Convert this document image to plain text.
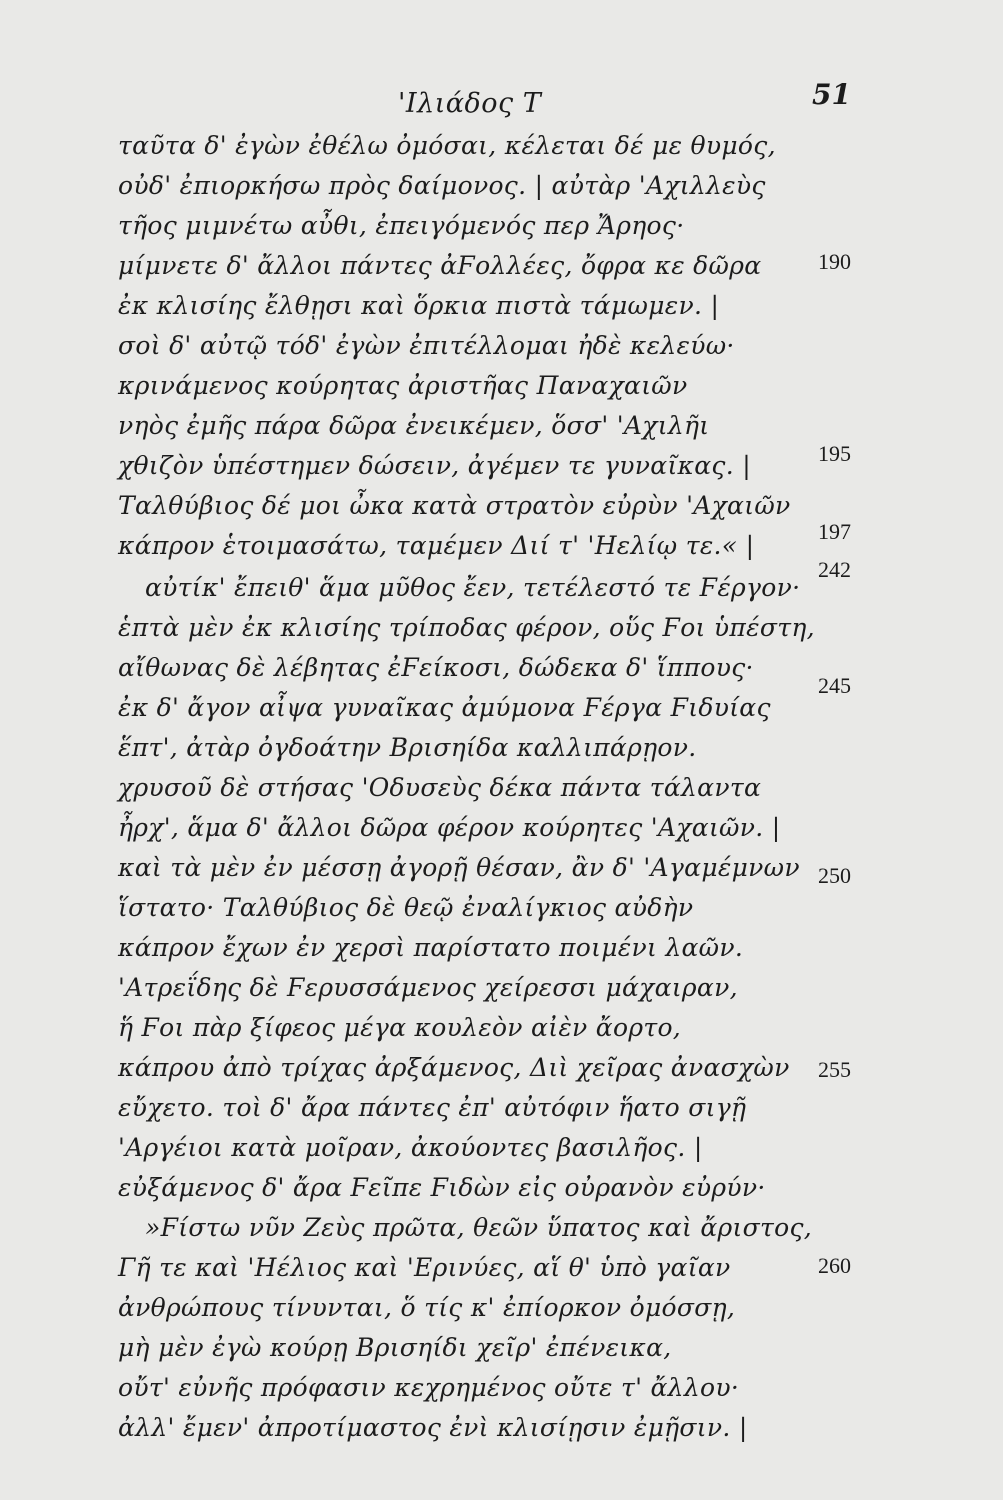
'Ιλιάδος Τ	51
ταῦτα δ' ἐγὼν ἐθέλω ὀμόσαι, κέλεται δέ με θυμός,
οὐδ' ἐπιορκήσω πρὸς δαίμονος. | αὐτὰρ 'Αχιλλεὺς
τῆος μιμνέτω αὖθι, ἐπειγόμενός περ Ἄρηος·
μίμνετε δ' ἄλλοι πάντες ἀϜολλέες, ὄφρα κε δῶρα
ἐκ κλισίης ἔλθῃσι καὶ ὅρκια πιστὰ τάμωμεν. |
σοὶ δ' αὐτῷ τόδ' ἐγὼν ἐπιτέλλομαι ἠδὲ κελεύω·
κρινάμενος κούρητας ἀριστῆας Παναχαιῶν
νηὸς ἐμῆς πάρα δῶρα ἐνεικέμεν, ὅσσ' 'Αχιλῆι
χθιζὸν ὑπέστημεν δώσειν, ἀγέμεν τε γυναῖκας. |
Ταλθύβιος δέ μοι ὦκα κατὰ στρατὸν εὐρὺν 'Αχαιῶν
κάπρον ἑτοιμασάτω, ταμέμεν Διί τ' 'Ηελίῳ τε.« |
αὐτίκ' ἔπειθ' ἅμα μῦθος ἔεν, τετέλεστό τε Ϝέργον·
ἑπτὰ μὲν ἐκ κλισίης τρίποδας φέρον, οὕς Ϝοι ὑπέστη,
αἴθωνας δὲ λέβητας ἐϜείκοσι, δώδεκα δ' ἵππους·
ἐκ δ' ἄγον αἶψα γυναῖκας ἀμύμονα Ϝέργα Ϝιδυίας
ἕπτ', ἀτὰρ ὀγδοάτην Βρισηίδα καλλιπάρῃον.
χρυσοῦ δὲ στήσας 'Οδυσεὺς δέκα πάντα τάλαντα
ἦρχ', ἅμα δ' ἄλλοι δῶρα φέρον κούρητες 'Αχαιῶν. |
καὶ τὰ μὲν ἐν μέσσῃ ἀγορῇ θέσαν, ἂν δ' 'Αγαμέμνων
ἵστατο· Ταλθύβιος δὲ θεῷ ἐναλίγκιος αὐδὴν
κάπρον ἔχων ἐν χερσὶ παρίστατο ποιμένι λαῶν.
'Ατρεΐδης δὲ Ϝερυσσάμενος χείρεσσι μάχαιραν,
ἥ Ϝοι πὰρ ξίφεος μέγα κουλεὸν αἰὲν ἄορτο,
κάπρου ἀπὸ τρίχας ἀρξάμενος, Διὶ χεῖρας ἀνασχὼν
εὔχετο. τοὶ δ' ἄρα πάντες ἐπ' αὐτόφιν ἥατο σιγῇ
'Αργέιοι κατὰ μοῖραν, ἀκούοντες βασιλῆος. |
εὐξάμενος δ' ἄρα Ϝεῖπε Ϝιδὼν εἰς οὐρανὸν εὐρύν·
»Ϝίστω νῦν Ζεὺς πρῶτα, θεῶν ὕπατος καὶ ἄριστος,
Γῆ τε καὶ 'Ηέλιος καὶ 'Ερινύες, αἵ θ' ὑπὸ γαῖαν
ἀνθρώπους τίνυνται, ὅ τίς κ' ἐπίορκον ὀμόσσῃ,
μὴ μὲν ἐγὼ κούρῃ Βρισηίδι χεῖρ' ἐπένεικα,
οὔτ' εὐνῆς πρόφασιν κεχρημένος οὔτε τ' ἄλλου·
ἀλλ' ἔμεν' ἀπροτίμαστος ἐνὶ κλισίῃσιν ἐμῇσιν. |
190
195
197
242
245
250
255
260
